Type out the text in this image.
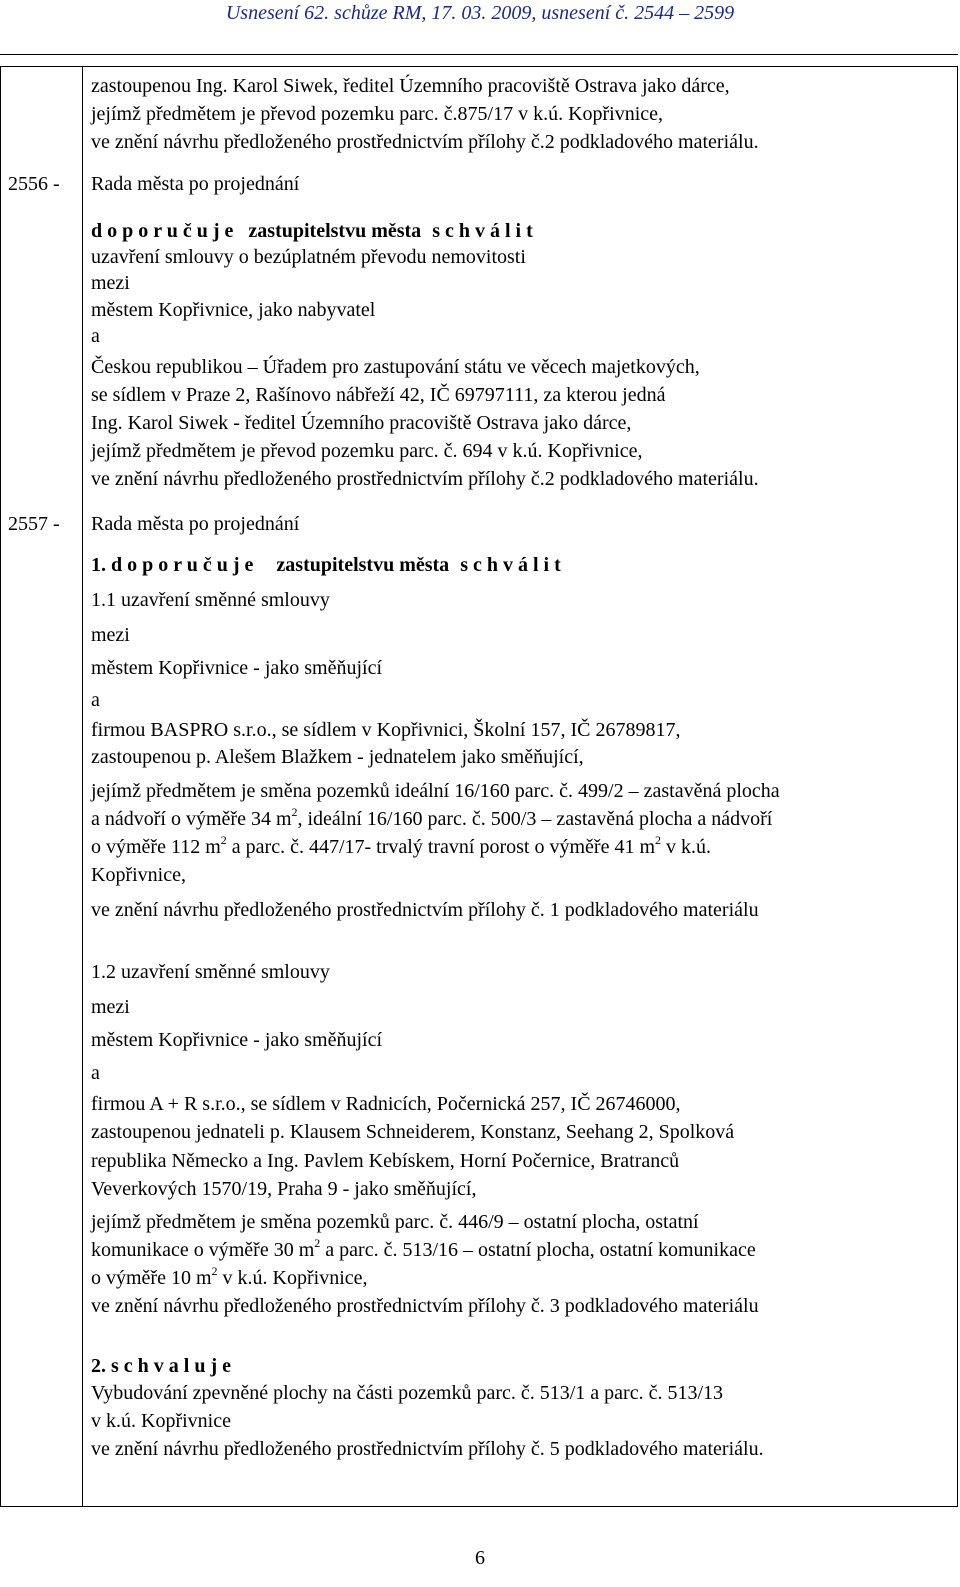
Usnesení 62. schůze RM, 17. 03. 2009, usnesení č. 2544 – 2599
zastoupenou Ing. Karol Siwek, ředitel Územního pracoviště Ostrava jako dárce,
jejímž předmětem je převod pozemku parc. č.875/17 v k.ú. Kopřivnice,
ve znění návrhu předloženého prostřednictvím přílohy č.2 podkladového materiálu.
2556 - Rada města po projednání
d o p o r u č u j e zastupitelstvu města s c h v á l i t
uzavření smlouvy o bezúplatném převodu nemovitosti
mezi
městem Kopřivnice, jako nabyvatel
a
Českou republikou – Úřadem pro zastupování státu ve věcech majetkových,
se sídlem v Praze 2, Rašínovo nábřeží 42, IČ 69797111, za kterou jedná
Ing. Karol Siwek - ředitel Územního pracoviště Ostrava jako dárce,
jejímž předmětem je převod pozemku parc. č. 694 v k.ú. Kopřivnice,
ve znění návrhu předloženého prostřednictvím přílohy č.2 podkladového materiálu.
2557 - Rada města po projednání
1. d o p o r u č u j e zastupitelstvu města s c h v á l i t
1.1 uzavření směnné smlouvy
mezi
městem Kopřivnice - jako směňující
a
firmou BASPRO s.r.o., se sídlem v Kopřivnici, Školní 157, IČ 26789817,
zastoupenou p. Alešem Blažkem - jednatelem jako směňující,
jejímž předmětem je směna pozemků ideální 16/160 parc. č. 499/2 – zastavěná plocha
a nádvoří o výměře 34 $m^2$, ideální 16/160 parc. č. 500/3 – zastavěná plocha a nádvoří
o výměře 112 $m^2$ a parc. č. 447/17- trvalý travní porost o výměře 41 $m^2$ v k.ú.
Kopřivnice,
ve znění návrhu předloženého prostřednictvím přílohy č. 1 podkladového materiálu
1.2 uzavření směnné smlouvy
mezi
městem Kopřivnice - jako směňující
a
firmou A + R s.r.o., se sídlem v Radnicích, Počernická 257, IČ 26746000,
zastoupenou jednateli p. Klausem Schneiderem, Konstanz, Seehang 2, Spolková
republika Německo a Ing. Pavlem Kebískem, Horní Počernice, Bratranců
Veverkových 1570/19, Praha 9 - jako směňující,
jejímž předmětem je směna pozemků parc. č. 446/9 – ostatní plocha, ostatní
komunikace o výměře 30 $m^2$ a parc. č. 513/16 – ostatní plocha, ostatní komunikace
o výměře 10 $m^2$ v k.ú. Kopřivnice,
ve znění návrhu předloženého prostřednictvím přílohy č. 3 podkladového materiálu
2. s c h v a l u j e
Vybudování zpevněné plochy na části pozemků parc. č. 513/1 a parc. č. 513/13
v k.ú. Kopřivnice
ve znění návrhu předloženého prostřednictvím přílohy č. 5 podkladového materiálu.
6
